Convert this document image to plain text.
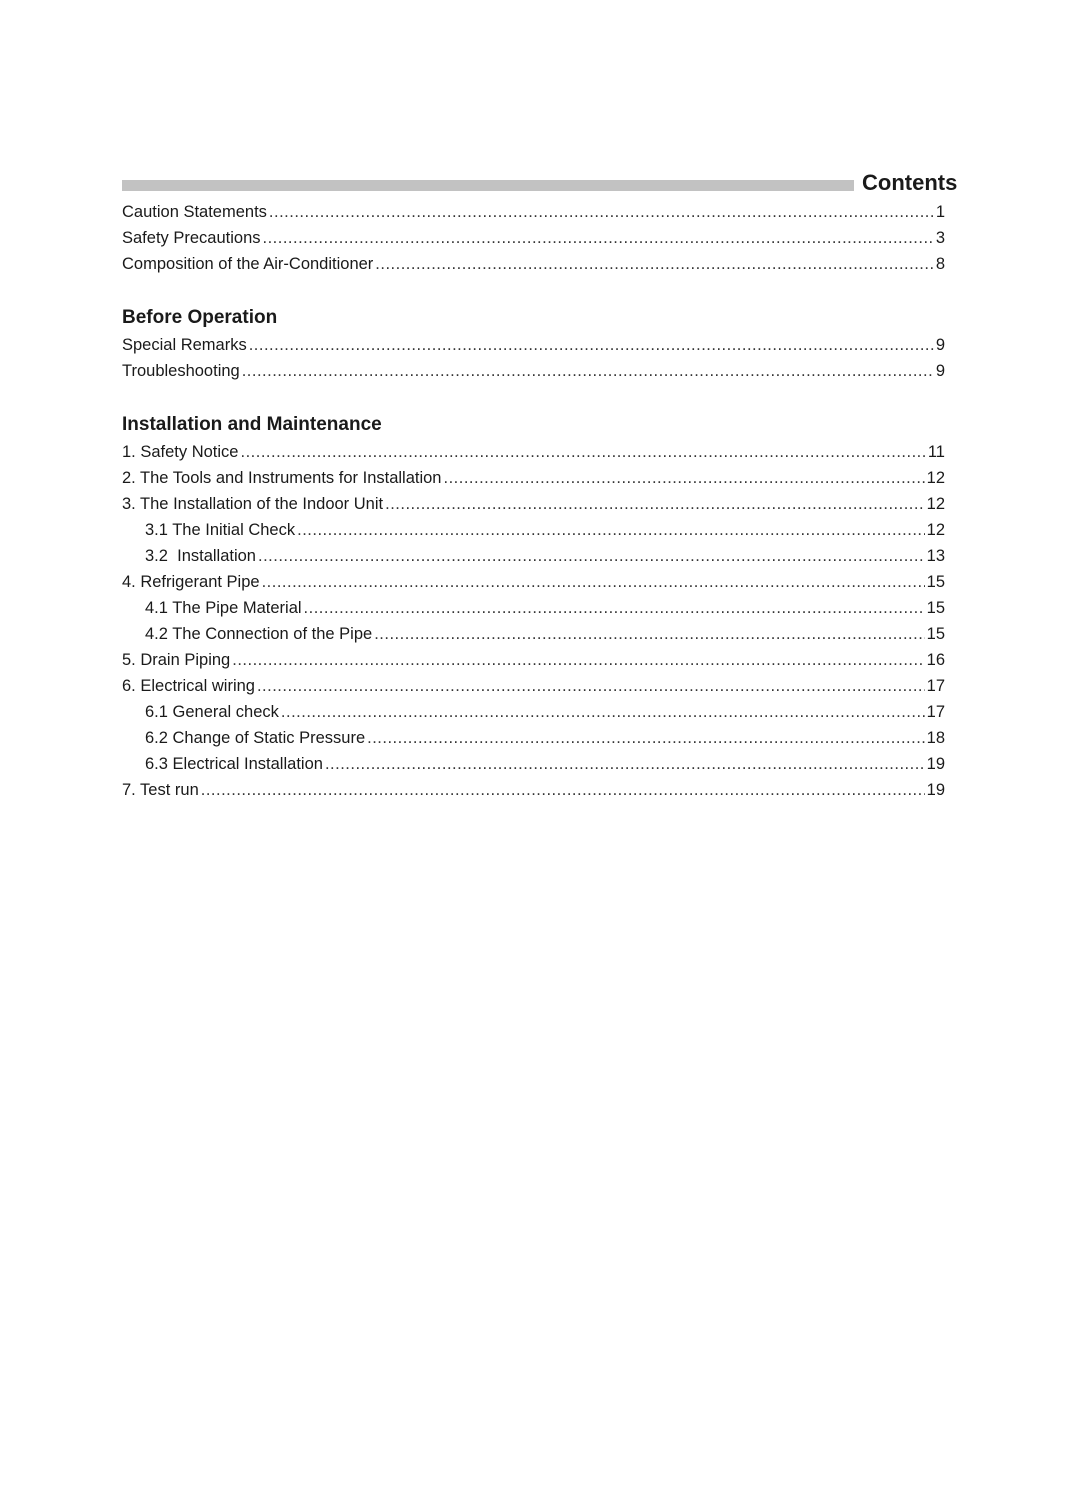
Contents
Caution Statements .....	1
Safety Precautions .....	3
Composition of the Air-Conditioner .....	8
Before Operation
Special Remarks .....	9
Troubleshooting .....	9
Installation and Maintenance
1. Safety Notice .....	11
2. The Tools and Instruments for Installation .....	12
3. The Installation of the Indoor Unit .....	12
3.1 The Initial Check .....	12
3.2  Installation .....	13
4. Refrigerant Pipe .....	15
4.1 The Pipe Material .....	15
4.2 The Connection of the Pipe .....	15
5. Drain Piping .....	16
6. Electrical wiring .....	17
6.1 General check .....	17
6.2 Change of Static Pressure .....	18
6.3 Electrical Installation .....	19
7. Test run .....	19
